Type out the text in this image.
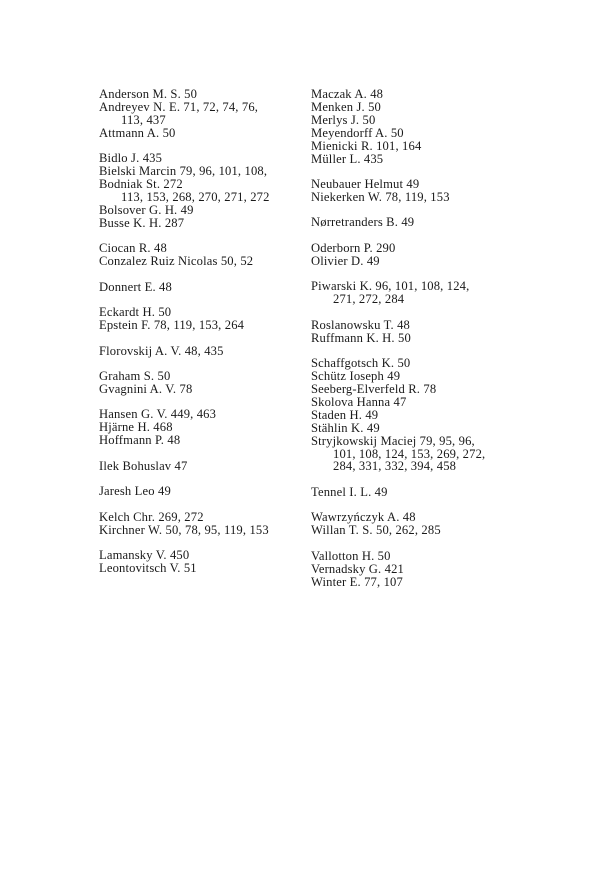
Anderson M. S. 50
Andreyev N. E. 71, 72, 74, 76,
113, 437
Attmann A. 50
Bidlo J. 435
Bielski Marcin 79, 96, 101, 108,
Bodniak St. 272
113, 153, 268, 270, 271, 272
Bolsover G. H. 49
Busse K. H. 287
Ciocan R. 48
Conzalez Ruiz Nicolas 50, 52
Donnert E. 48
Eckardt H. 50
Epstein F. 78, 119, 153, 264
Florovskij A. V. 48, 435
Graham S. 50
Gvagnini A. V. 78
Hansen G. V. 449, 463
Hjärne H. 468
Hoffmann P. 48
Ilek Bohuslav 47
Jaresh Leo 49
Kelch Chr. 269, 272
Kirchner W. 50, 78, 95, 119, 153
Lamansky V. 450
Leontovitsch V. 51
Maczak A. 48
Menken J. 50
Merlys J. 50
Meyendorff A. 50
Mienicki R. 101, 164
Müller L. 435
Neubauer Helmut 49
Niekerken W. 78, 119, 153
Nørretranders B. 49
Oderborn P. 290
Olivier D. 49
Piwarski K. 96, 101, 108, 124,
271, 272, 284
Roslanowsku T. 48
Ruffmann K. H. 50
Schaffgotsch K. 50
Schütz Ioseph 49
Seeberg-Elverfeld R. 78
Skolova Hanna 47
Staden H. 49
Stählin K. 49
Stryjkowskij Maciej 79, 95, 96,
101, 108, 124, 153, 269, 272,
284, 331, 332, 394, 458
Tennel I. L. 49
Wawrzyńczyk A. 48
Willan T. S. 50, 262, 285
Vallotton H. 50
Vernadsky G. 421
Winter E. 77, 107
